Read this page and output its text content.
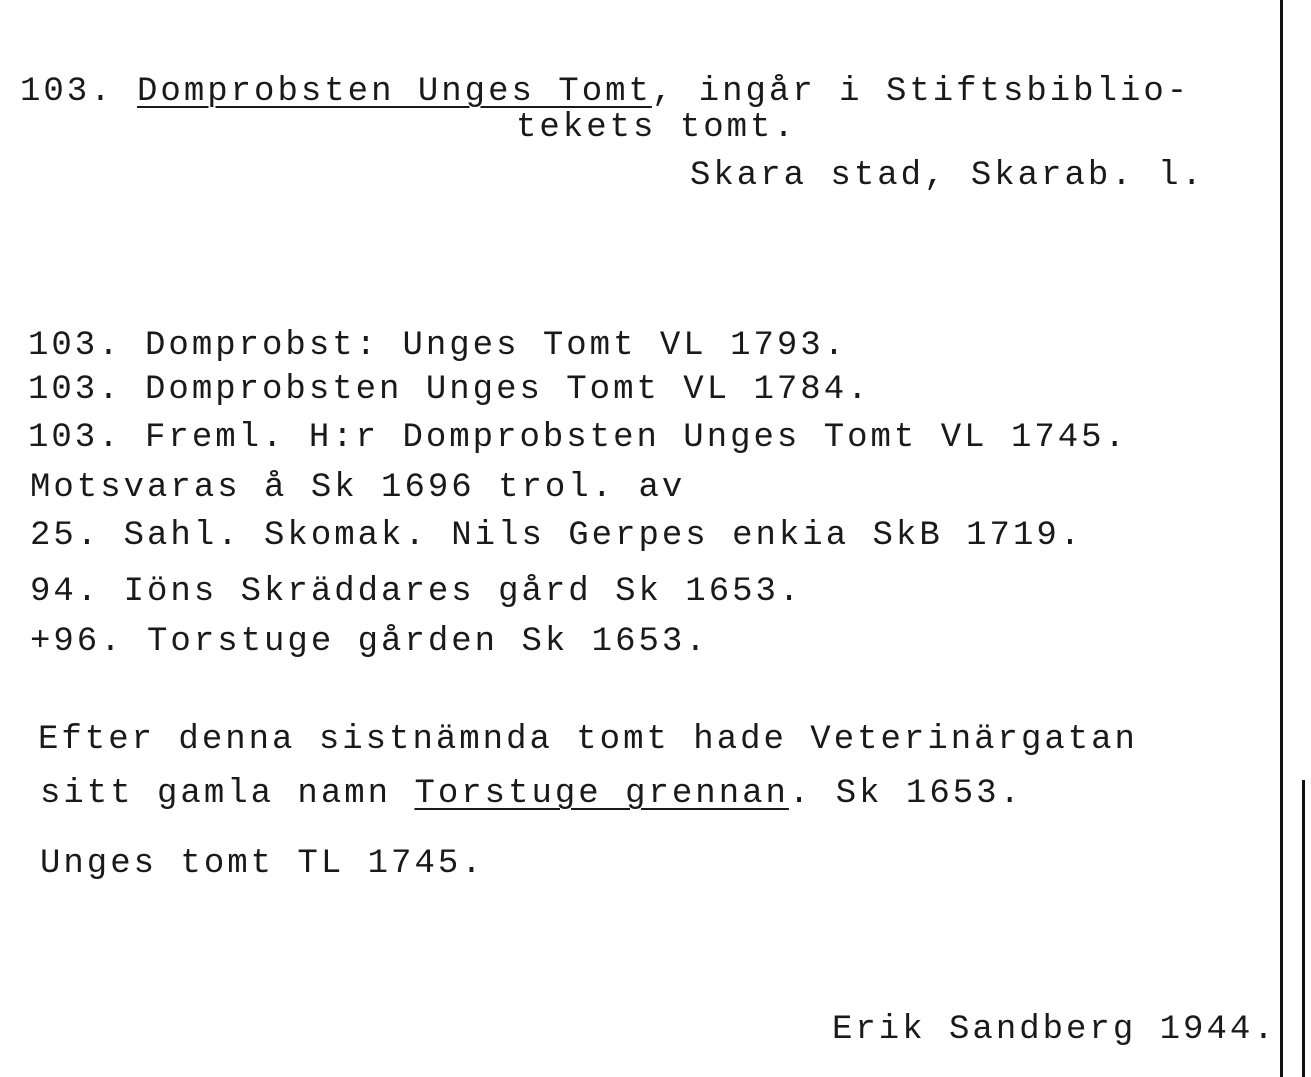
103. Domprobsten Unges Tomt, ingår i Stiftsbiblio-
tekets tomt.
Skara stad, Skarab. l.
103. Domprobst: Unges Tomt VL 1793.
103. Domprobsten Unges Tomt VL 1784.
103. Freml. H:r Domprobsten Unges Tomt VL 1745.
Motsvaras å Sk 1696 trol. av
25. Sahl. Skomak. Nils Gerpes enkia SkB 1719.
94. Iöns Skräddares gård Sk 1653.
+96. Torstuge gården Sk 1653.
Efter denna sistnämnda tomt hade Veterinärgatan
sitt gamla namn Torstuge grennan. Sk 1653.
Unges tomt TL 1745.
Erik Sandberg 1944.
